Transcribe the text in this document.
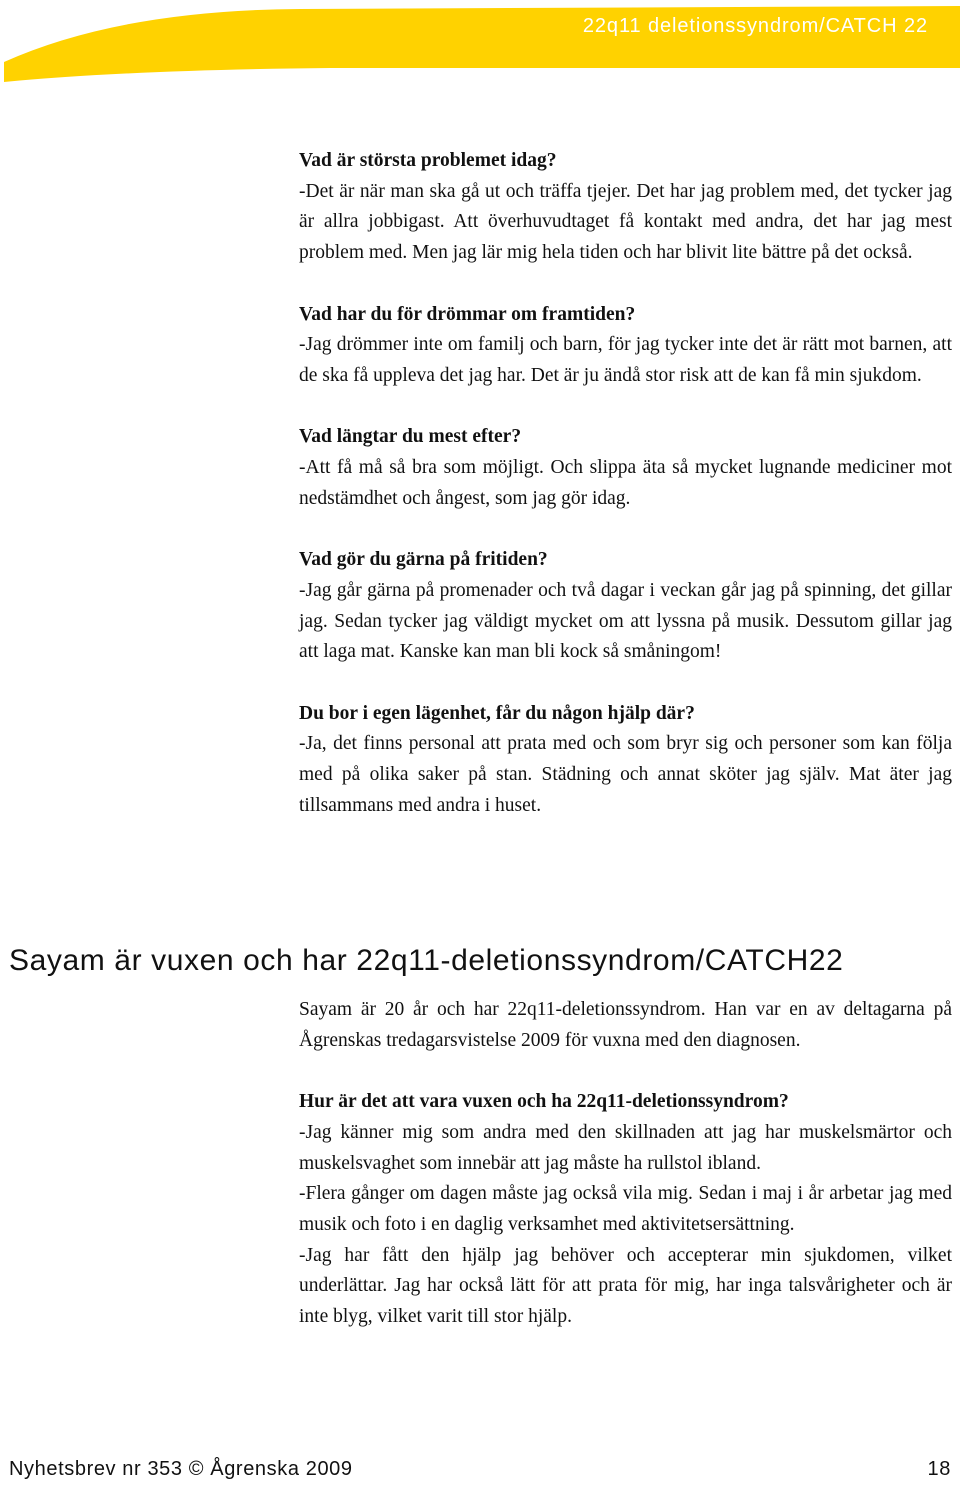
22q11 deletionssyndrom/CATCH 22

Vad är största problemet idag?

-Det är när man ska gå ut och träffa tjejer. Det har jag problem med, det tycker jag är allra jobbigast. Att överhuvudtaget få kontakt med andra, det har jag mest problem med. Men jag lär mig hela tiden och har blivit lite bättre på det också.

Vad har du för drömmar om framtiden?

-Jag drömmer inte om familj och barn, för jag tycker inte det är rätt mot barnen, att de ska få uppleva det jag har. Det är ju ändå stor risk att de kan få min sjukdom.

Vad längtar du mest efter?

-Att få må så bra som möjligt. Och slippa äta så mycket lugnande mediciner mot nedstämdhet och ångest, som jag gör idag.

Vad gör du gärna på fritiden?

-Jag går gärna på promenader och två dagar i veckan går jag på spinning, det gillar jag. Sedan tycker jag väldigt mycket om att lyssna på musik. Dessutom gillar jag att laga mat. Kanske kan man bli kock så småningom!

Du bor i egen lägenhet, får du någon hjälp där?

-Ja, det finns personal att prata med och som bryr sig och personer som kan följa med på olika saker på stan. Städning och annat sköter jag själv. Mat äter jag tillsammans med andra i huset.

Sayam är vuxen och har 22q11-deletionssyndrom/CATCH22

Sayam är 20 år och har 22q11-deletionssyndrom. Han var en av deltagarna på Ågrenskas tredagarsvistelse 2009 för vuxna med den diagnosen.

Hur är det att vara vuxen och ha 22q11-deletionssyndrom?

-Jag känner mig som andra med den skillnaden att jag har muskelsmärtor och muskelsvaghet som innebär att jag måste ha rullstol ibland.

-Flera gånger om dagen måste jag också vila mig. Sedan i maj i år arbetar jag med musik och foto i en daglig verksamhet med aktivitetsersättning.

-Jag har fått den hjälp jag behöver och accepterar min sjukdomen, vilket underlättar. Jag har också lätt för att prata för mig, har inga talsvårigheter och är inte blyg, vilket varit till stor hjälp.

Nyhetsbrev nr 353 © Ågrenska 2009	18
